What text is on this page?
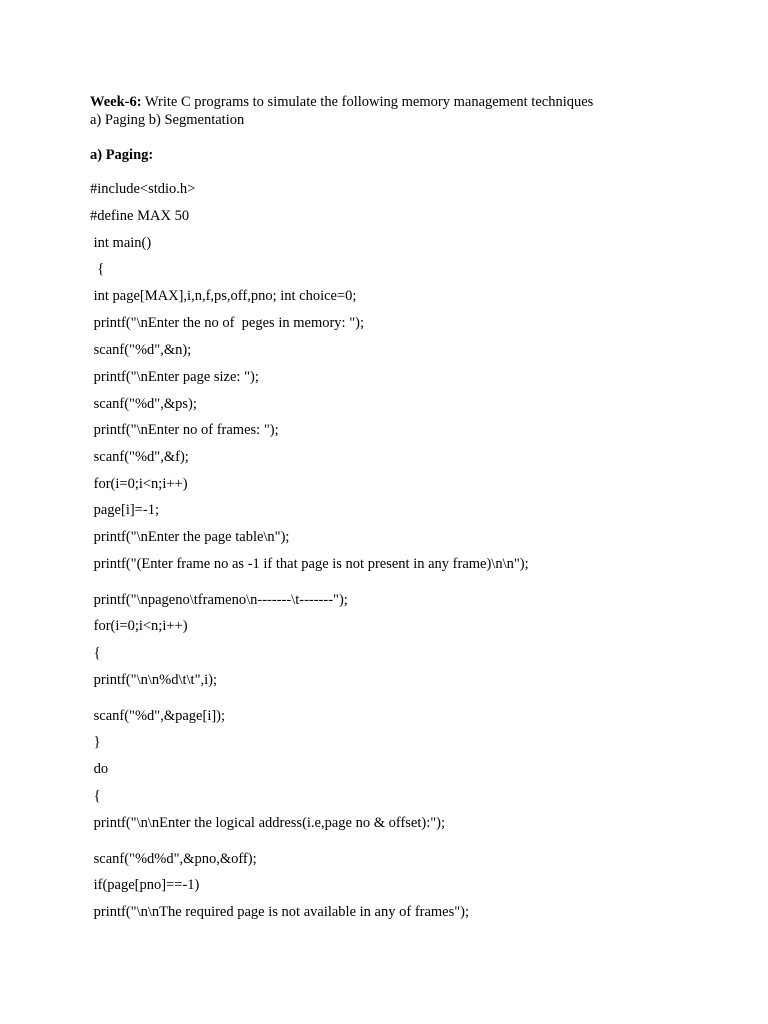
Week-6: Write C programs to simulate the following memory management techniques
a) Paging b) Segmentation
a) Paging:
#include<stdio.h>
#define MAX 50
int main()
{
int page[MAX],i,n,f,ps,off,pno; int choice=0;
printf("\nEnter the no of  peges in memory: ");
scanf("%d",&n);
printf("\nEnter page size: ");
scanf("%d",&ps);
printf("\nEnter no of frames: ");
scanf("%d",&f);
for(i=0;i<n;i++)
page[i]=-1;
printf("\nEnter the page table\n");
printf("(Enter frame no as -1 if that page is not present in any frame)\n\n");
printf("\npageno\tframeno\n-------\t-------");
for(i=0;i<n;i++)
{
printf("\n\n%d\t\t",i);
scanf("%d",&page[i]);
}
do
{
printf("\n\nEnter the logical address(i.e,page no & offset):");
scanf("%d%d",&pno,&off);
if(page[pno]==-1)
printf("\n\nThe required page is not available in any of frames");
